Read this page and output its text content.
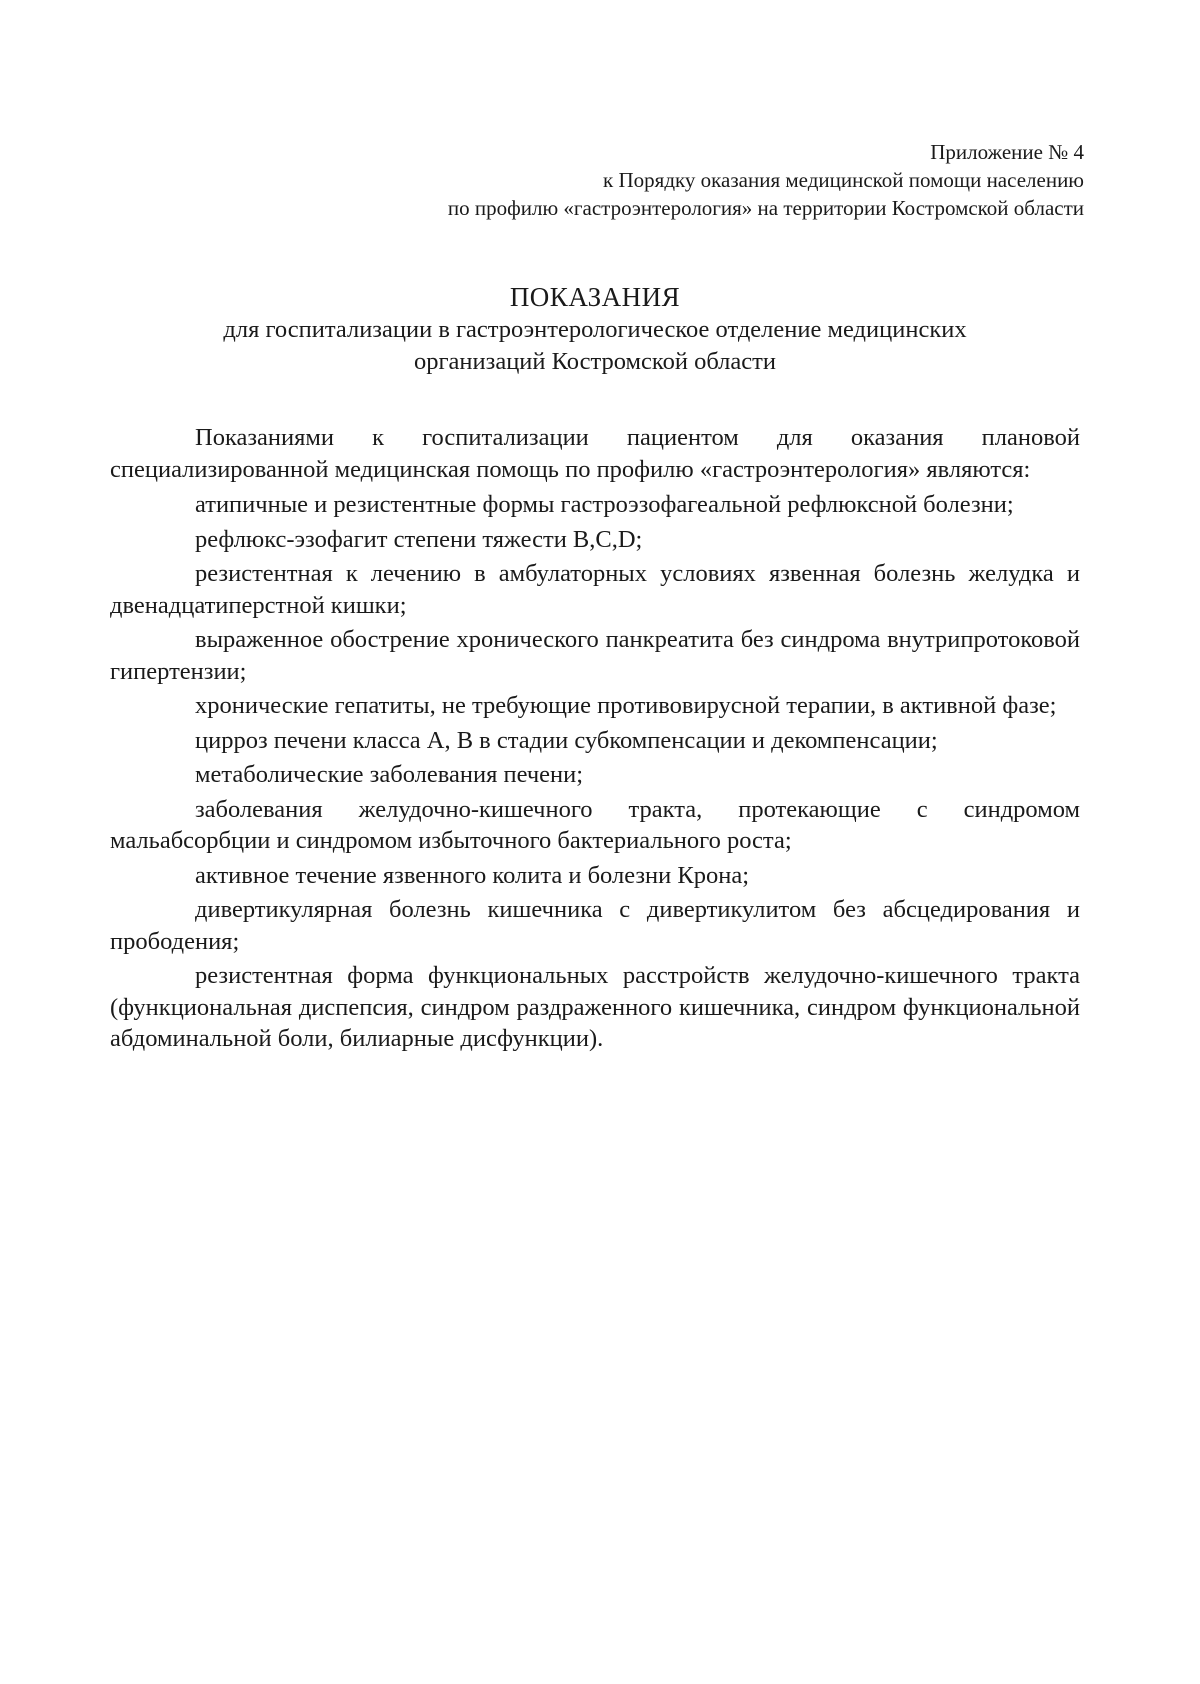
Приложение № 4
к Порядку оказания медицинской помощи населению
по профилю «гастроэнтерология» на территории Костромской области
ПОКАЗАНИЯ
для госпитализации в гастроэнтерологическое отделение медицинских
организаций Костромской области

Показаниями к госпитализации пациентом для оказания плановой специализированной медицинская помощь по профилю «гастроэнтерология» являются:

атипичные и резистентные формы гастроэзофагеальной рефлюксной болезни;

рефлюкс-эзофагит степени тяжести B,C,D;

резистентная к лечению в амбулаторных условиях язвенная болезнь желудка и двенадцатиперстной кишки;

выраженное обострение хронического панкреатита без синдрома внутрипротоковой гипертензии;

хронические гепатиты, не требующие противовирусной терапии, в активной фазе;

цирроз печени класса А, В в стадии субкомпенсации и декомпенсации;

метаболические заболевания печени;

заболевания желудочно-кишечного тракта, протекающие с синдромом мальабсорбции и синдромом избыточного бактериального роста;

активное течение язвенного колита и болезни Крона;

дивертикулярная болезнь кишечника с дивертикулитом без абсцедирования и прободения;

резистентная форма функциональных расстройств желудочно-кишечного тракта (функциональная диспепсия, синдром раздраженного кишечника, синдром функциональной абдоминальной боли, билиарные дисфункции).
